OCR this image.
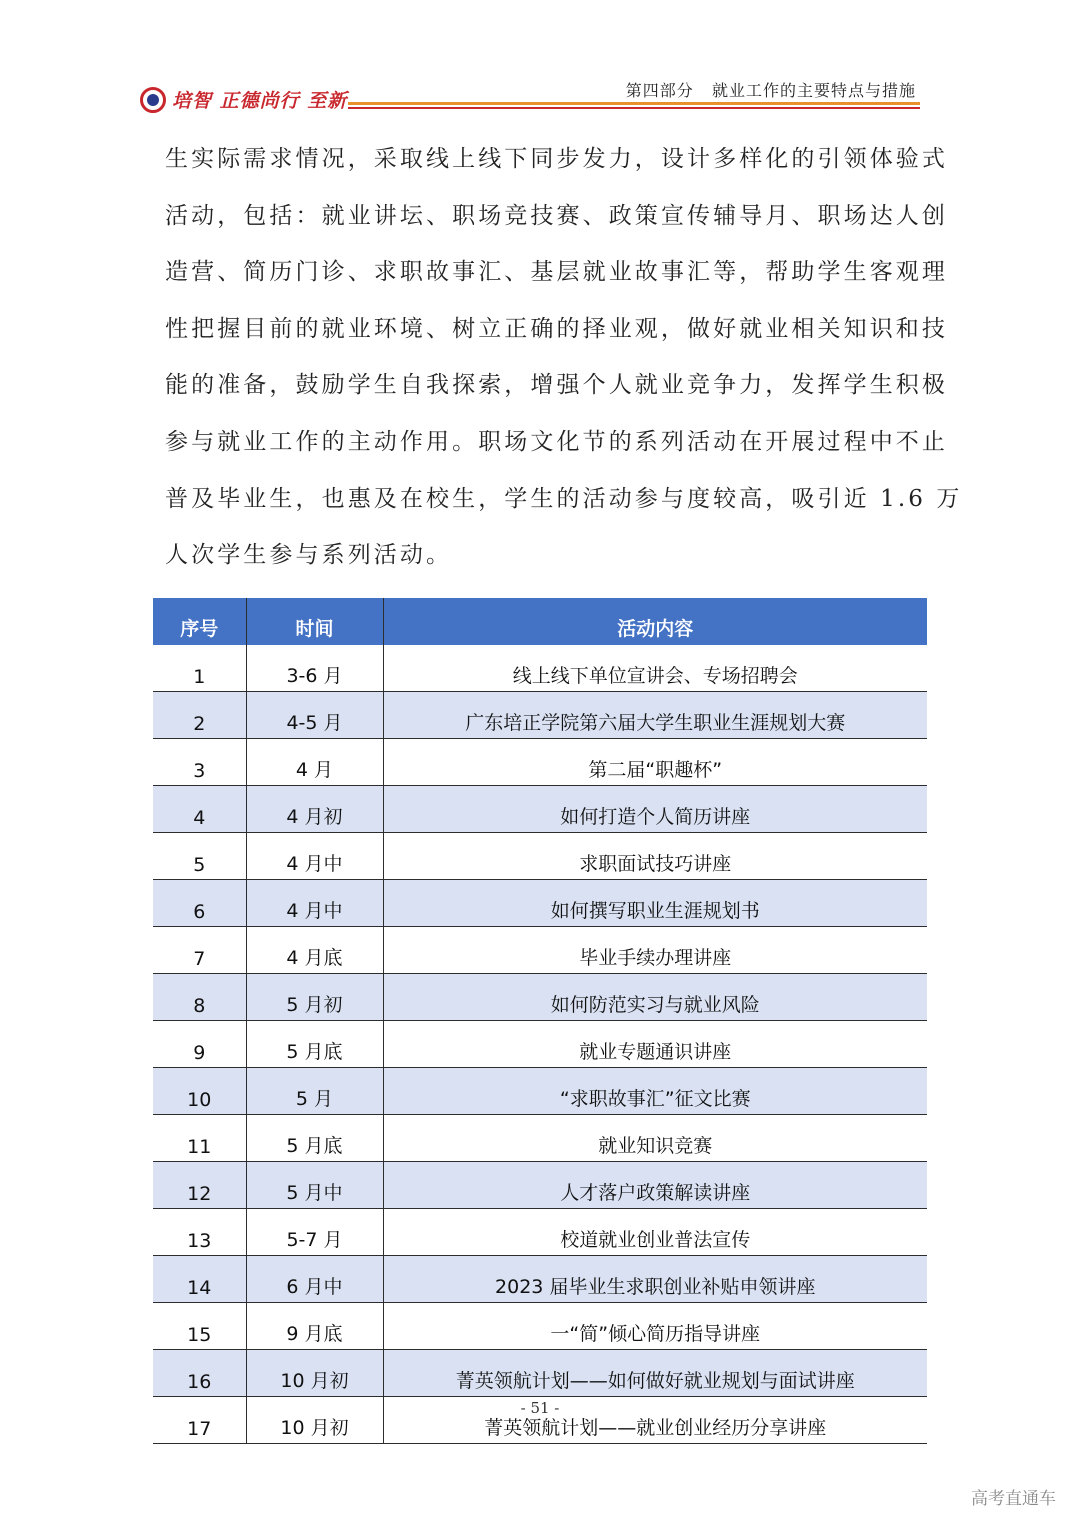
培智 正德尚行 至新	第四部分   就业工作的主要特点与措施
生实际需求情况，采取线上线下同步发力，设计多样化的引领体验式
活动，包括：就业讲坛、职场竞技赛、政策宣传辅导月、职场达人创
造营、简历门诊、求职故事汇、基层就业故事汇等，帮助学生客观理
性把握目前的就业环境、树立正确的择业观，做好就业相关知识和技
能的准备，鼓励学生自我探索，增强个人就业竞争力，发挥学生积极
参与就业工作的主动作用。职场文化节的系列活动在开展过程中不止
普及毕业生，也惠及在校生，学生的活动参与度较高，吸引近 1.6 万
人次学生参与系列活动。
序号	时间	活动内容
1	3-6 月	线上线下单位宣讲会、专场招聘会
2	4-5 月	广东培正学院第六届大学生职业生涯规划大赛
3	4 月	第二届“职趣杯”
4	4 月初	如何打造个人简历讲座
5	4 月中	求职面试技巧讲座
6	4 月中	如何撰写职业生涯规划书
7	4 月底	毕业手续办理讲座
8	5 月初	如何防范实习与就业风险
9	5 月底	就业专题通识讲座
10	5 月	“求职故事汇”征文比赛
11	5 月底	就业知识竞赛
12	5 月中	人才落户政策解读讲座
13	5-7 月	校道就业创业普法宣传
14	6 月中	2023 届毕业生求职创业补贴申领讲座
15	9 月底	一“简”倾心简历指导讲座
16	10 月初	菁英领航计划——如何做好就业规划与面试讲座
17	10 月初	菁英领航计划——就业创业经历分享讲座
- 51 -
高考直通车
